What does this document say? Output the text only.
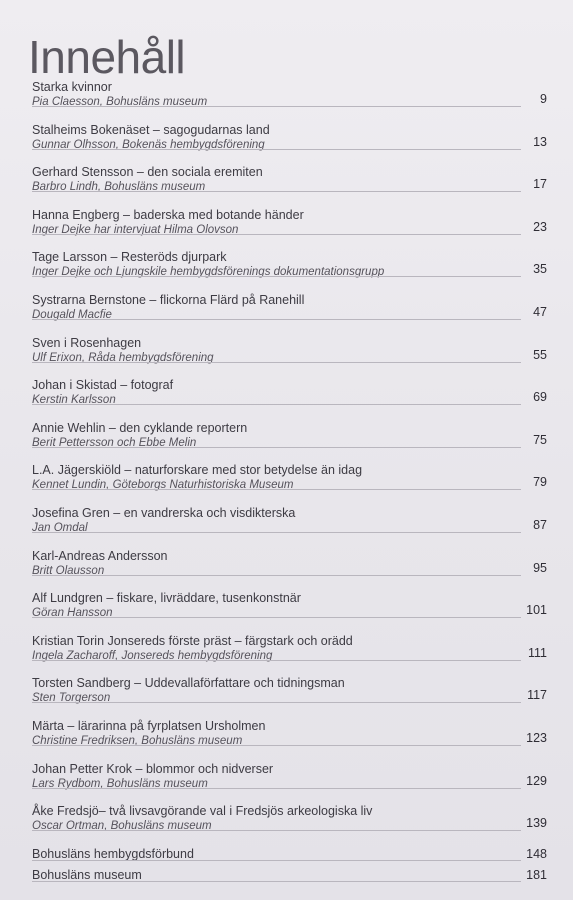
Innehåll
Starka kvinnor
Pia Claesson, Bohusläns museum	9
Stalheims Bokenäset – sagogudarnas land
Gunnar Olhsson, Bokenäs hembygdsförening	13
Gerhard Stensson – den sociala eremiten
Barbro Lindh, Bohusläns museum	17
Hanna Engberg – baderska med botande händer
Inger Dejke har intervjuat Hilma Olovson	23
Tage Larsson – Resteröds djurpark
Inger Dejke och Ljungskile hembygdsförenings dokumentationsgrupp	35
Systrarna Bernstone – flickorna Flärd på Ranehill
Dougald Macfie	47
Sven i Rosenhagen
Ulf Erixon, Råda hembygdsförening	55
Johan i Skistad – fotograf
Kerstin Karlsson	69
Annie Wehlin – den cyklande reportern
Berit Pettersson och Ebbe Melin	75
L.A. Jägerskiöld – naturforskare med stor betydelse än idag
Kennet Lundin, Göteborgs Naturhistoriska Museum	79
Josefina Gren – en vandrerska och visdikterska
Jan Omdal	87
Karl-Andreas Andersson
Britt Olausson	95
Alf Lundgren – fiskare, livräddare, tusenkonstnär
Göran Hansson	101
Kristian Torin Jonsereds förste präst – färgstark och orädd
Ingela Zacharoff, Jonsereds hembygdsförening	111
Torsten Sandberg – Uddevallaförfattare och tidningsman
Sten Torgerson	117
Märta – lärarinna på fyrplatsen Ursholmen
Christine Fredriksen, Bohusläns museum	123
Johan Petter Krok – blommor och nidverser
Lars Rydbom, Bohusläns museum	129
Åke Fredsjö– två livsavgörande val i Fredsjös arkeologiska liv
Oscar Ortman, Bohusläns museum	139
Bohusläns hembygdsförbund	148
Bohusläns museum	181
